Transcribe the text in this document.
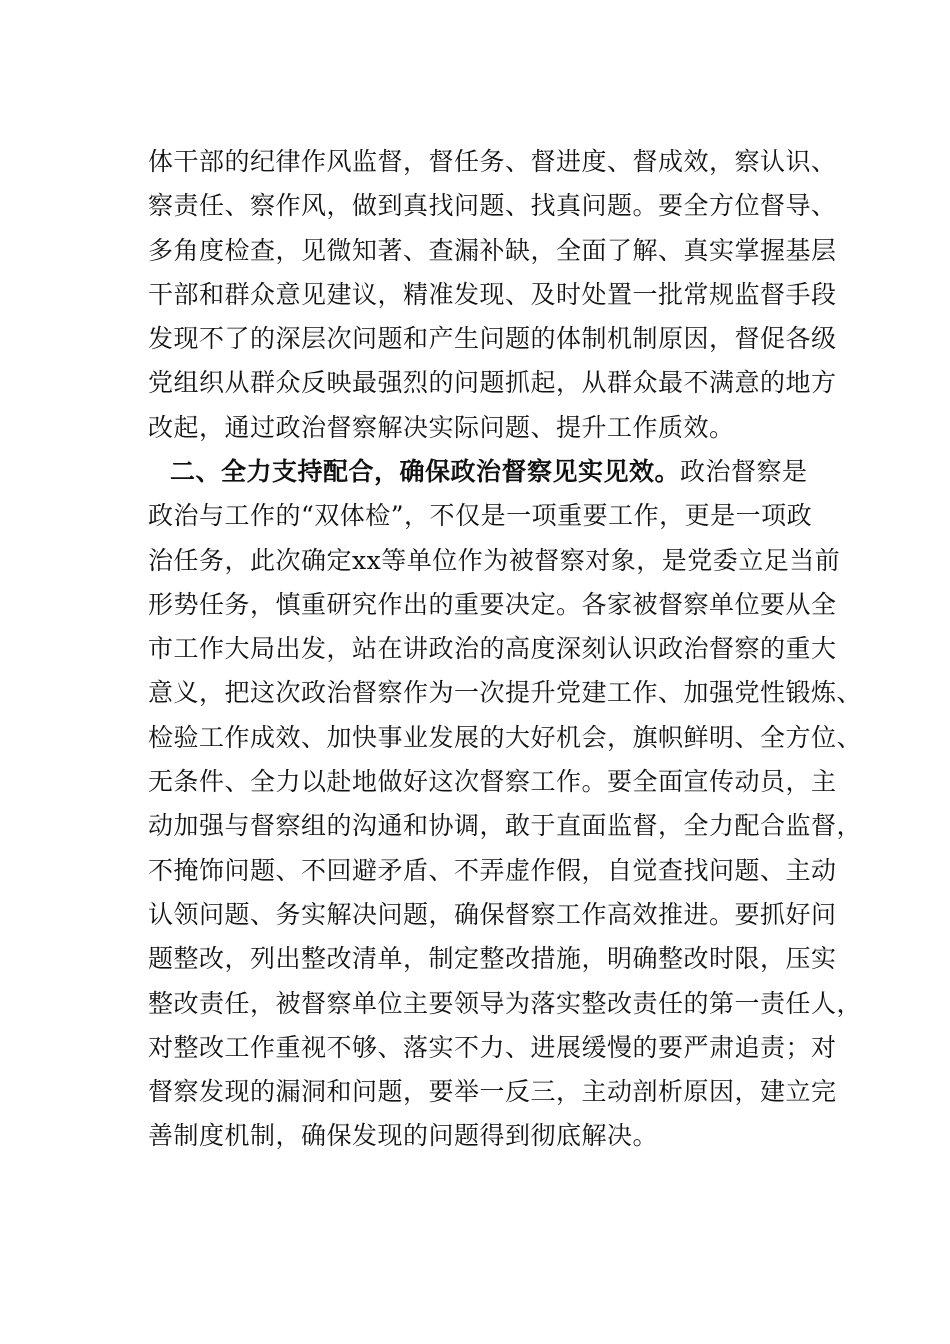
体干部的纪律作风监督，督任务、督进度、督成效，察认识、
察责任、察作风，做到真找问题、找真问题。要全方位督导、
多角度检查，见微知著、查漏补缺，全面了解、真实掌握基层
干部和群众意见建议，精准发现、及时处置一批常规监督手段
发现不了的深层次问题和产生问题的体制机制原因，督促各级
党组织从群众反映最强烈的问题抓起，从群众最不满意的地方
改起，通过政治督察解决实际问题、提升工作质效。
二、全力支持配合，确保政治督察见实见效。政治督察是
政治与工作的“双体检”，不仅是一项重要工作，更是一项政
治任务，此次确定xx等单位作为被督察对象，是党委立足当前
形势任务，慎重研究作出的重要决定。各家被督察单位要从全
市工作大局出发，站在讲政治的高度深刻认识政治督察的重大
意义，把这次政治督察作为一次提升党建工作、加强党性锻炼、
检验工作成效、加快事业发展的大好机会，旗帜鲜明、全方位、
无条件、全力以赴地做好这次督察工作。要全面宣传动员，主
动加强与督察组的沟通和协调，敢于直面监督，全力配合监督，
不掩饰问题、不回避矛盾、不弄虚作假，自觉查找问题、主动
认领问题、务实解决问题，确保督察工作高效推进。要抓好问
题整改，列出整改清单，制定整改措施，明确整改时限，压实
整改责任，被督察单位主要领导为落实整改责任的第一责任人，
对整改工作重视不够、落实不力、进展缓慢的要严肃追责；对
督察发现的漏洞和问题，要举一反三，主动剖析原因，建立完
善制度机制，确保发现的问题得到彻底解决。
